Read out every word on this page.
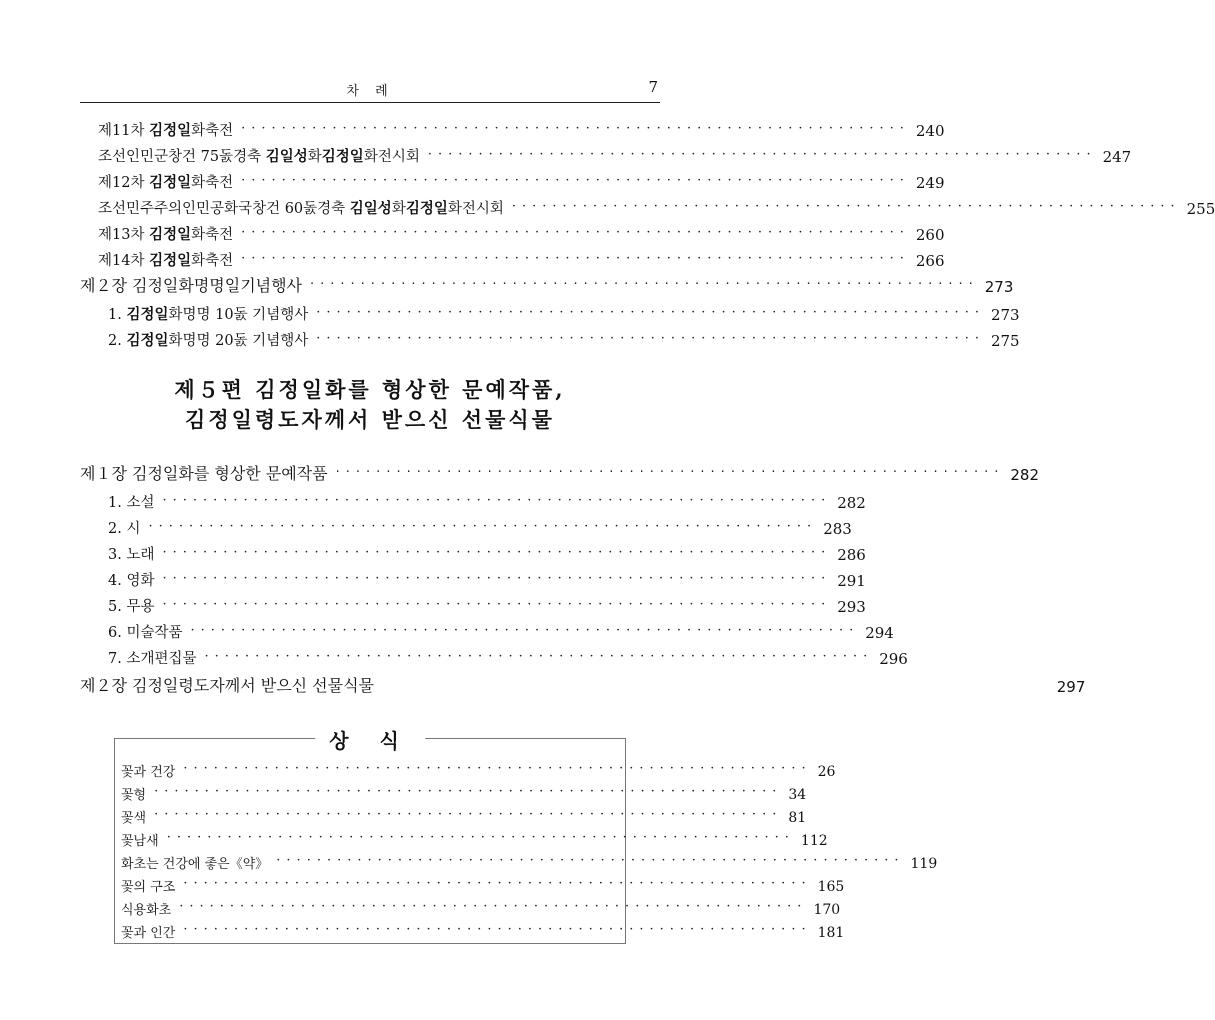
차 례	7
제11차 김정일화축전 ·································································· 240
조선인민군창건 75돐경축 김일성화김정일화전시회 ·································································· 247
제12차 김정일화축전 ·································································· 249
조선민주주의인민공화국창건 60돐경축 김일성화김정일화전시회 ·································································· 255
제13차 김정일화축전 ·································································· 260
제14차 김정일화축전 ·································································· 266
제２장 김정일화명명일기념행사 ·································································· 273
1. 김정일화명명 10돐 기념행사 ·································································· 273
2. 김정일화명명 20돐 기념행사 ·································································· 275
제５편 김정일화를 형상한 문예작품,
김정일령도자께서 받으신 선물식물
제１장 김정일화를 형상한 문예작품 ·································································· 282
1. 소설 ·································································· 282
2. 시 ·································································· 283
3. 노래 ·································································· 286
4. 영화 ·································································· 291
5. 무용 ·································································· 293
6. 미술작품 ·································································· 294
7. 소개편집물 ·································································· 296
제２장 김정일령도자께서 받으신 선물식물	297
상 식
꽃과 건강 ······························································ 26
꽃형 ······························································ 34
꽃색 ······························································ 81
꽃남새 ······························································ 112
화초는 건강에 좋은《약》 ······························································ 119
꽃의 구조 ······························································ 165
식용화초 ······························································ 170
꽃과 인간 ······························································ 181
